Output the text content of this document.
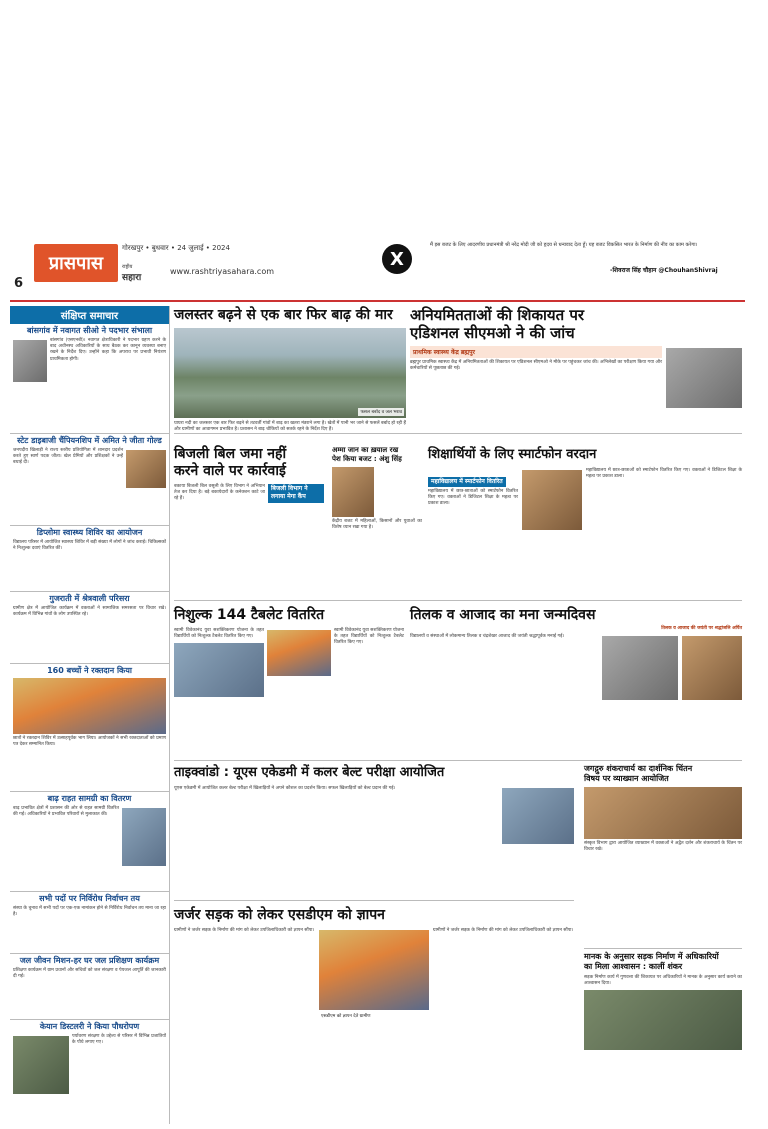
6
प्रासपास
गोरखपुर • बुधवार • 24 जुलाई • 2024
राष्ट्रीय
सहारा
www.rashtriyasahara.com
X
मैं इस बजट के लिए आदरणीय प्रधानमंत्री श्री नरेंद्र मोदी जी को हृदय से धन्यवाद देता हूँ। यह बजट विकसित भारत के निर्माण की नींव का काम करेगा।
-शिवराज सिंह चौहान @ChouhanShivraj
संक्षिप्त समाचार
बांसगांव में नवागत सीओ ने पदभार संभाला
बांसगांव (एसएनबी)। नवागत क्षेत्राधिकारी ने पदभार ग्रहण करने के बाद अधीनस्थ अधिकारियों के साथ बैठक कर कानून व्यवस्था बनाए रखने के निर्देश दिए। उन्होंने कहा कि अपराध पर प्रभावी नियंत्रण प्राथमिकता होगी।
स्टेट डाइबाजी चैंपियनशिप में अमित ने जीता गोल्ड
जनपदीय खिलाड़ी ने राज्य स्तरीय प्रतियोगिता में शानदार प्रदर्शन करते हुए स्वर्ण पदक जीता। खेल प्रेमियों और प्रशिक्षकों ने उन्हें बधाई दी।
डिप्लोमा स्वास्थ्य शिविर का आयोजन
विद्यालय परिसर में आयोजित स्वास्थ्य शिविर में बड़ी संख्या में लोगों ने जांच कराई। चिकित्सकों ने निःशुल्क दवाएं वितरित कीं।
गुजराती में श्रेत्रवाली परिसरा
ग्रामीण क्षेत्र में आयोजित कार्यक्रम में वक्ताओं ने सामाजिक समरसता पर विचार रखे। कार्यक्रम में विभिन्न गांवों के लोग उपस्थित रहे।
160 बच्चों ने रक्तदान किया
छात्रों ने रक्तदान शिविर में उत्साहपूर्वक भाग लिया। आयोजकों ने सभी रक्तदाताओं को प्रमाण पत्र देकर सम्मानित किया।
बाढ़ राहत सामग्री का वितरण
बाढ़ प्रभावित क्षेत्रों में प्रशासन की ओर से राहत सामग्री वितरित की गई। अधिकारियों ने प्रभावित परिवारों से मुलाकात की।
सभी पदों पर निर्विरोध निर्वाचन तय
संस्था के चुनाव में सभी पदों पर एक-एक नामांकन होने से निर्विरोध निर्वाचन तय माना जा रहा है।
जल जीवन मिशन-हर घर जल प्रशिक्षण कार्यक्रम
प्रशिक्षण कार्यक्रम में ग्राम प्रधानों और सचिवों को जल संरक्षण व पेयजल आपूर्ति की जानकारी दी गई।
केयान डिस्टलरी ने किया पौधरोपण
पर्यावरण संरक्षण के उद्देश्य से परिसर में विभिन्न प्रजातियों के पौधे लगाए गए।
जलस्तर बढ़ने से एक बार फिर बाढ़ की मार
फसल बर्बाद व जल भराव
घाघरा नदी का जलस्तर एक बार फिर बढ़ने से तटवर्ती गांवों में बाढ़ का खतरा मंडराने लगा है। खेतों में पानी भर जाने से फसलें बर्बाद हो रही हैं और ग्रामीणों का आवागमन प्रभावित है। प्रशासन ने बाढ़ चौकियों को सतर्क रहने के निर्देश दिए हैं।
अनियमितताओं की शिकायत पर
एडिशनल सीएमओ ने की जांच
प्राथमिक स्वास्थ्य केंद्र ब्रह्मपुर
ब्रह्मपुर प्राथमिक स्वास्थ्य केंद्र में अनियमितताओं की शिकायत पर एडिशनल सीएमओ ने मौके पर पहुंचकर जांच की। अभिलेखों का परीक्षण किया गया और कर्मचारियों से पूछताछ की गई।
बिजली बिल जमा नहीं
करने वाले पर कार्रवाई
बकाया बिजली बिल वसूली के लिए विभाग ने अभियान तेज कर दिया है। बड़े बकायेदारों के कनेक्शन काटे जा रहे हैं।
बिजली विभाग ने लगाया मेगा कैंप
अम्मा जान का ख़याल रख
पेश किया बजट : अंशु सिंह
केंद्रीय बजट में महिलाओं, किसानों और युवाओं का विशेष ध्यान रखा गया है।
शिक्षार्थियों के लिए स्मार्टफोन वरदान
महाविद्यालय में स्मार्टफोन वितरित
महाविद्यालय में छात्र-छात्राओं को स्मार्टफोन वितरित किए गए। वक्ताओं ने डिजिटल शिक्षा के महत्व पर प्रकाश डाला।
महाविद्यालय में छात्र-छात्राओं को स्मार्टफोन वितरित किए गए। वक्ताओं ने डिजिटल शिक्षा के महत्व पर प्रकाश डाला।
निशुल्क 144 टैबलेट वितरित
स्वामी विवेकानंद युवा सशक्तिकरण योजना के तहत विद्यार्थियों को निःशुल्क टैबलेट वितरित किए गए।
स्वामी विवेकानंद युवा सशक्तिकरण योजना के तहत विद्यार्थियों को निःशुल्क टैबलेट वितरित किए गए।
तिलक व आजाद का मना जन्मदिवस
तिलक व आजाद की जयंती पर श्रद्धांजलि अर्पित
विद्यालयों व संस्थाओं में लोकमान्य तिलक व चंद्रशेखर आजाद की जयंती श्रद्धापूर्वक मनाई गई।
ताइक्वांडो : यूएस एकेडमी में कलर बेल्ट परीक्षा आयोजित
यूएस एकेडमी में आयोजित कलर बेल्ट परीक्षा में खिलाड़ियों ने अपने कौशल का प्रदर्शन किया। सफल खिलाड़ियों को बेल्ट प्रदान की गई।
जगद्गुरु शंकराचार्य का दार्शनिक चिंतन
विषय पर व्याख्यान आयोजित
संस्कृत विभाग द्वारा आयोजित व्याख्यान में वक्ताओं ने अद्वैत दर्शन और शंकराचार्य के चिंतन पर विचार रखे।
जर्जर सड़क को लेकर एसडीएम को ज्ञापन
ग्रामीणों ने जर्जर सड़क के निर्माण की मांग को लेकर उपजिलाधिकारी को ज्ञापन सौंपा।
एसडीएम को ज्ञापन देते ग्रामीण
ग्रामीणों ने जर्जर सड़क के निर्माण की मांग को लेकर उपजिलाधिकारी को ज्ञापन सौंपा।
मानक के अनुसार सड़क निर्माण में अधिकारियों
का मिला आश्वासन : कालीं शंकर
सड़क निर्माण कार्य में गुणवत्ता की शिकायत पर अधिकारियों ने मानक के अनुसार कार्य कराने का आश्वासन दिया।
